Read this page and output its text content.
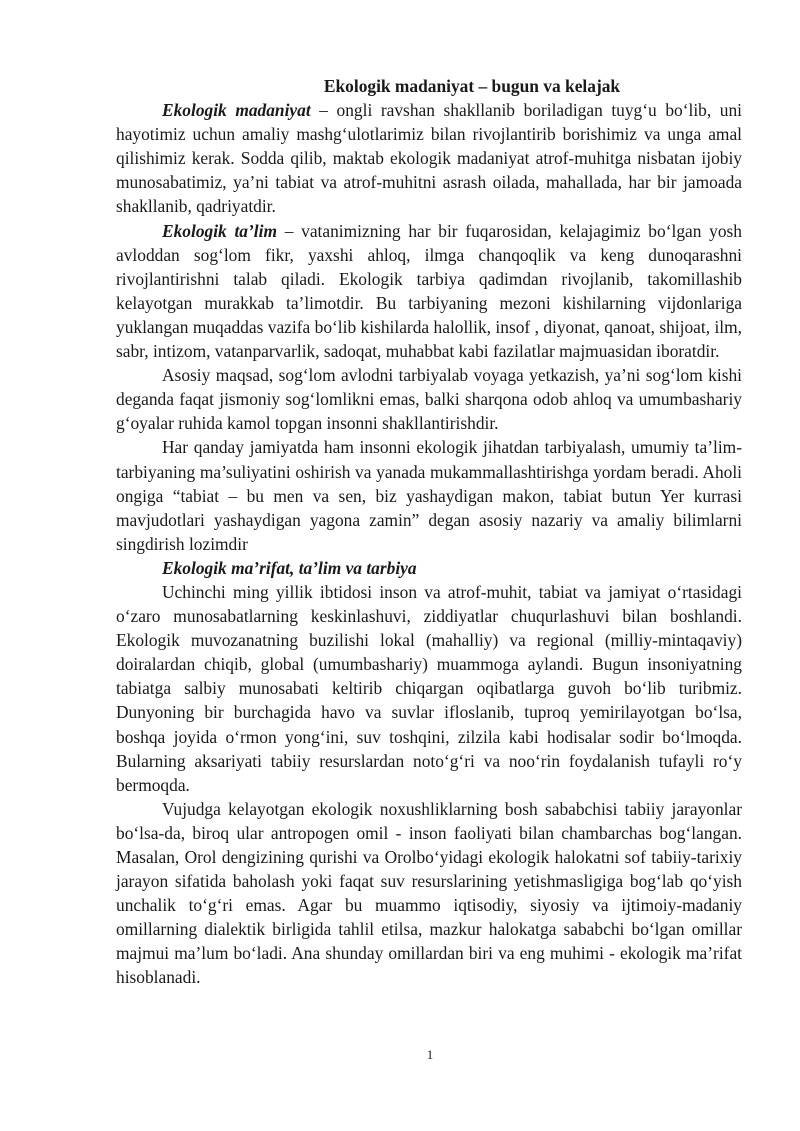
Ekologik madaniyat – bugun va kelajak

Ekologik madaniyat – ongli ravshan shakllanib boriladigan tuyg‘u bo‘lib, uni hayotimiz uchun amaliy mashg‘ulotlarimiz bilan rivojlantirib borishimiz va unga amal qilishimiz kerak. Sodda qilib, maktab ekologik madaniyat atrof-muhitga nisbatan ijobiy munosabatimiz, ya’ni tabiat va atrof-muhitni asrash oilada, mahallada, har bir jamoada shakllanib, qadriyatdir.

Ekologik ta’lim – vatanimizning har bir fuqarosidan, kelajagimiz bo‘lgan yosh avloddan sog‘lom fikr, yaxshi ahloq, ilmga chanqoqlik va keng dunoqarashni rivojlantirishni talab qiladi. Ekologik tarbiya qadimdan rivojlanib, takomillashib kelayotgan murakkab ta’limotdir. Bu tarbiyaning mezoni kishilarning vijdonlariga yuklangan muqaddas vazifa bo‘lib kishilarda halollik, insof , diyonat, qanoat, shijoat, ilm, sabr, intizom, vatanparvarlik, sadoqat, muhabbat kabi fazilatlar majmuasidan iboratdir.

Asosiy maqsad, sog‘lom avlodni tarbiyalab voyaga yetkazish, ya’ni sog‘lom kishi deganda faqat jismoniy sog‘lomlikni emas, balki sharqona odob ahloq va umumbashariy g‘oyalar ruhida kamol topgan insonni shakllantirishdir.

Har qanday jamiyatda ham insonni ekologik jihatdan tarbiyalash, umumiy ta’lim-tarbiyaning ma’suliyatini oshirish va yanada mukammallashtirishga yordam beradi. Aholi ongiga “tabiat – bu men va sen, biz yashaydigan makon, tabiat butun Yer kurrasi mavjudotlari yashaydigan yagona zamin” degan asosiy nazariy va amaliy bilimlarni singdirish lozimdir

Ekologik ma’rifat, ta’lim va tarbiya

Uchinchi ming yillik ibtidosi inson va atrof-muhit, tabiat va jamiyat o‘rtasidagi o‘zaro munosabatlarning keskinlashuvi, ziddiyatlar chuqurlashuvi bilan boshlandi. Ekologik muvozanatning buzilishi lokal (mahalliy) va regional (milliy-mintaqaviy) doiralardan chiqib, global (umumbashariy) muammoga aylandi. Bugun insoniyatning tabiatga salbiy munosabati keltirib chiqargan oqibatlarga guvoh bo‘lib turibmiz. Dunyoning bir burchagida havo va suvlar ifloslanib, tuproq yemirilayotgan bo‘lsa, boshqa joyida o‘rmon yong‘ini, suv toshqini, zilzila kabi hodisalar sodir bo‘lmoqda. Bularning aksariyati tabiiy resurslardan noto‘g‘ri va noo‘rin foydalanish tufayli ro‘y bermoqda.

Vujudga kelayotgan ekologik noxushliklarning bosh sababchisi tabiiy jarayonlar bo‘lsa-da, biroq ular antropogen omil - inson faoliyati bilan chambarchas bog‘langan. Masalan, Orol dengizining qurishi va Orolbo‘yidagi ekologik halokatni sof tabiiy-tarixiy jarayon sifatida baholash yoki faqat suv resurslarining yetishmasligiga bog‘lab qo‘yish unchalik to‘g‘ri emas. Agar bu muammo iqtisodiy, siyosiy va ijtimoiy-madaniy omillarning dialektik birligida tahlil etilsa, mazkur halokatga sababchi bo‘lgan omillar majmui ma’lum bo‘ladi. Ana shunday omillardan biri va eng muhimi - ekologik ma’rifat hisoblanadi.

1
